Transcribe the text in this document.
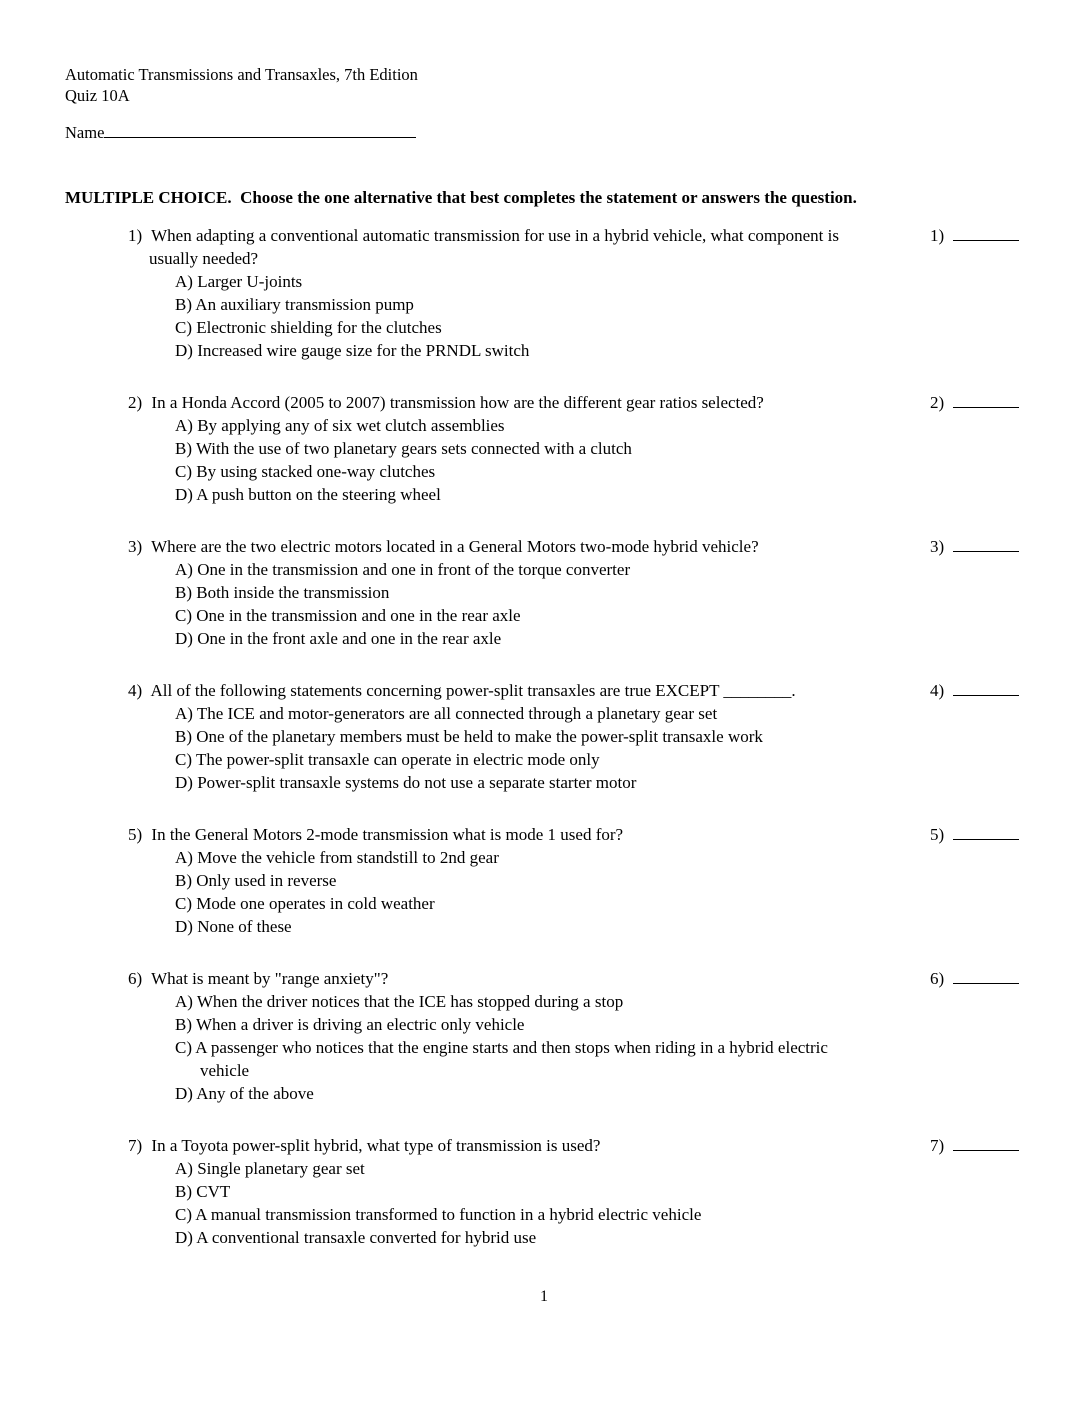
Automatic Transmissions and Transaxles, 7th Edition
Quiz 10A
Name
MULTIPLE CHOICE.  Choose the one alternative that best completes the statement or answers the question.
1) When adapting a conventional automatic transmission for use in a hybrid vehicle, what component is usually needed?
A) Larger U-joints
B) An auxiliary transmission pump
C) Electronic shielding for the clutches
D) Increased wire gauge size for the PRNDL switch
1)
2) In a Honda Accord (2005 to 2007) transmission how are the different gear ratios selected?
A) By applying any of six wet clutch assemblies
B) With the use of two planetary gears sets connected with a clutch
C) By using stacked one-way clutches
D) A push button on the steering wheel
2)
3) Where are the two electric motors located in a General Motors two-mode hybrid vehicle?
A) One in the transmission and one in front of the torque converter
B) Both inside the transmission
C) One in the transmission and one in the rear axle
D) One in the front axle and one in the rear axle
3)
4) All of the following statements concerning power-split transaxles are true EXCEPT ________.
A) The ICE and motor-generators are all connected through a planetary gear set
B) One of the planetary members must be held to make the power-split transaxle work
C) The power-split transaxle can operate in electric mode only
D) Power-split transaxle systems do not use a separate starter motor
4)
5) In the General Motors 2-mode transmission what is mode 1 used for?
A) Move the vehicle from standstill to 2nd gear
B) Only used in reverse
C) Mode one operates in cold weather
D) None of these
5)
6) What is meant by "range anxiety"?
A) When the driver notices that the ICE has stopped during a stop
B) When a driver is driving an electric only vehicle
C) A passenger who notices that the engine starts and then stops when riding in a hybrid electric vehicle
D) Any of the above
6)
7) In a Toyota power-split hybrid, what type of transmission is used?
A) Single planetary gear set
B) CVT
C) A manual transmission transformed to function in a hybrid electric vehicle
D) A conventional transaxle converted for hybrid use
7)
1
